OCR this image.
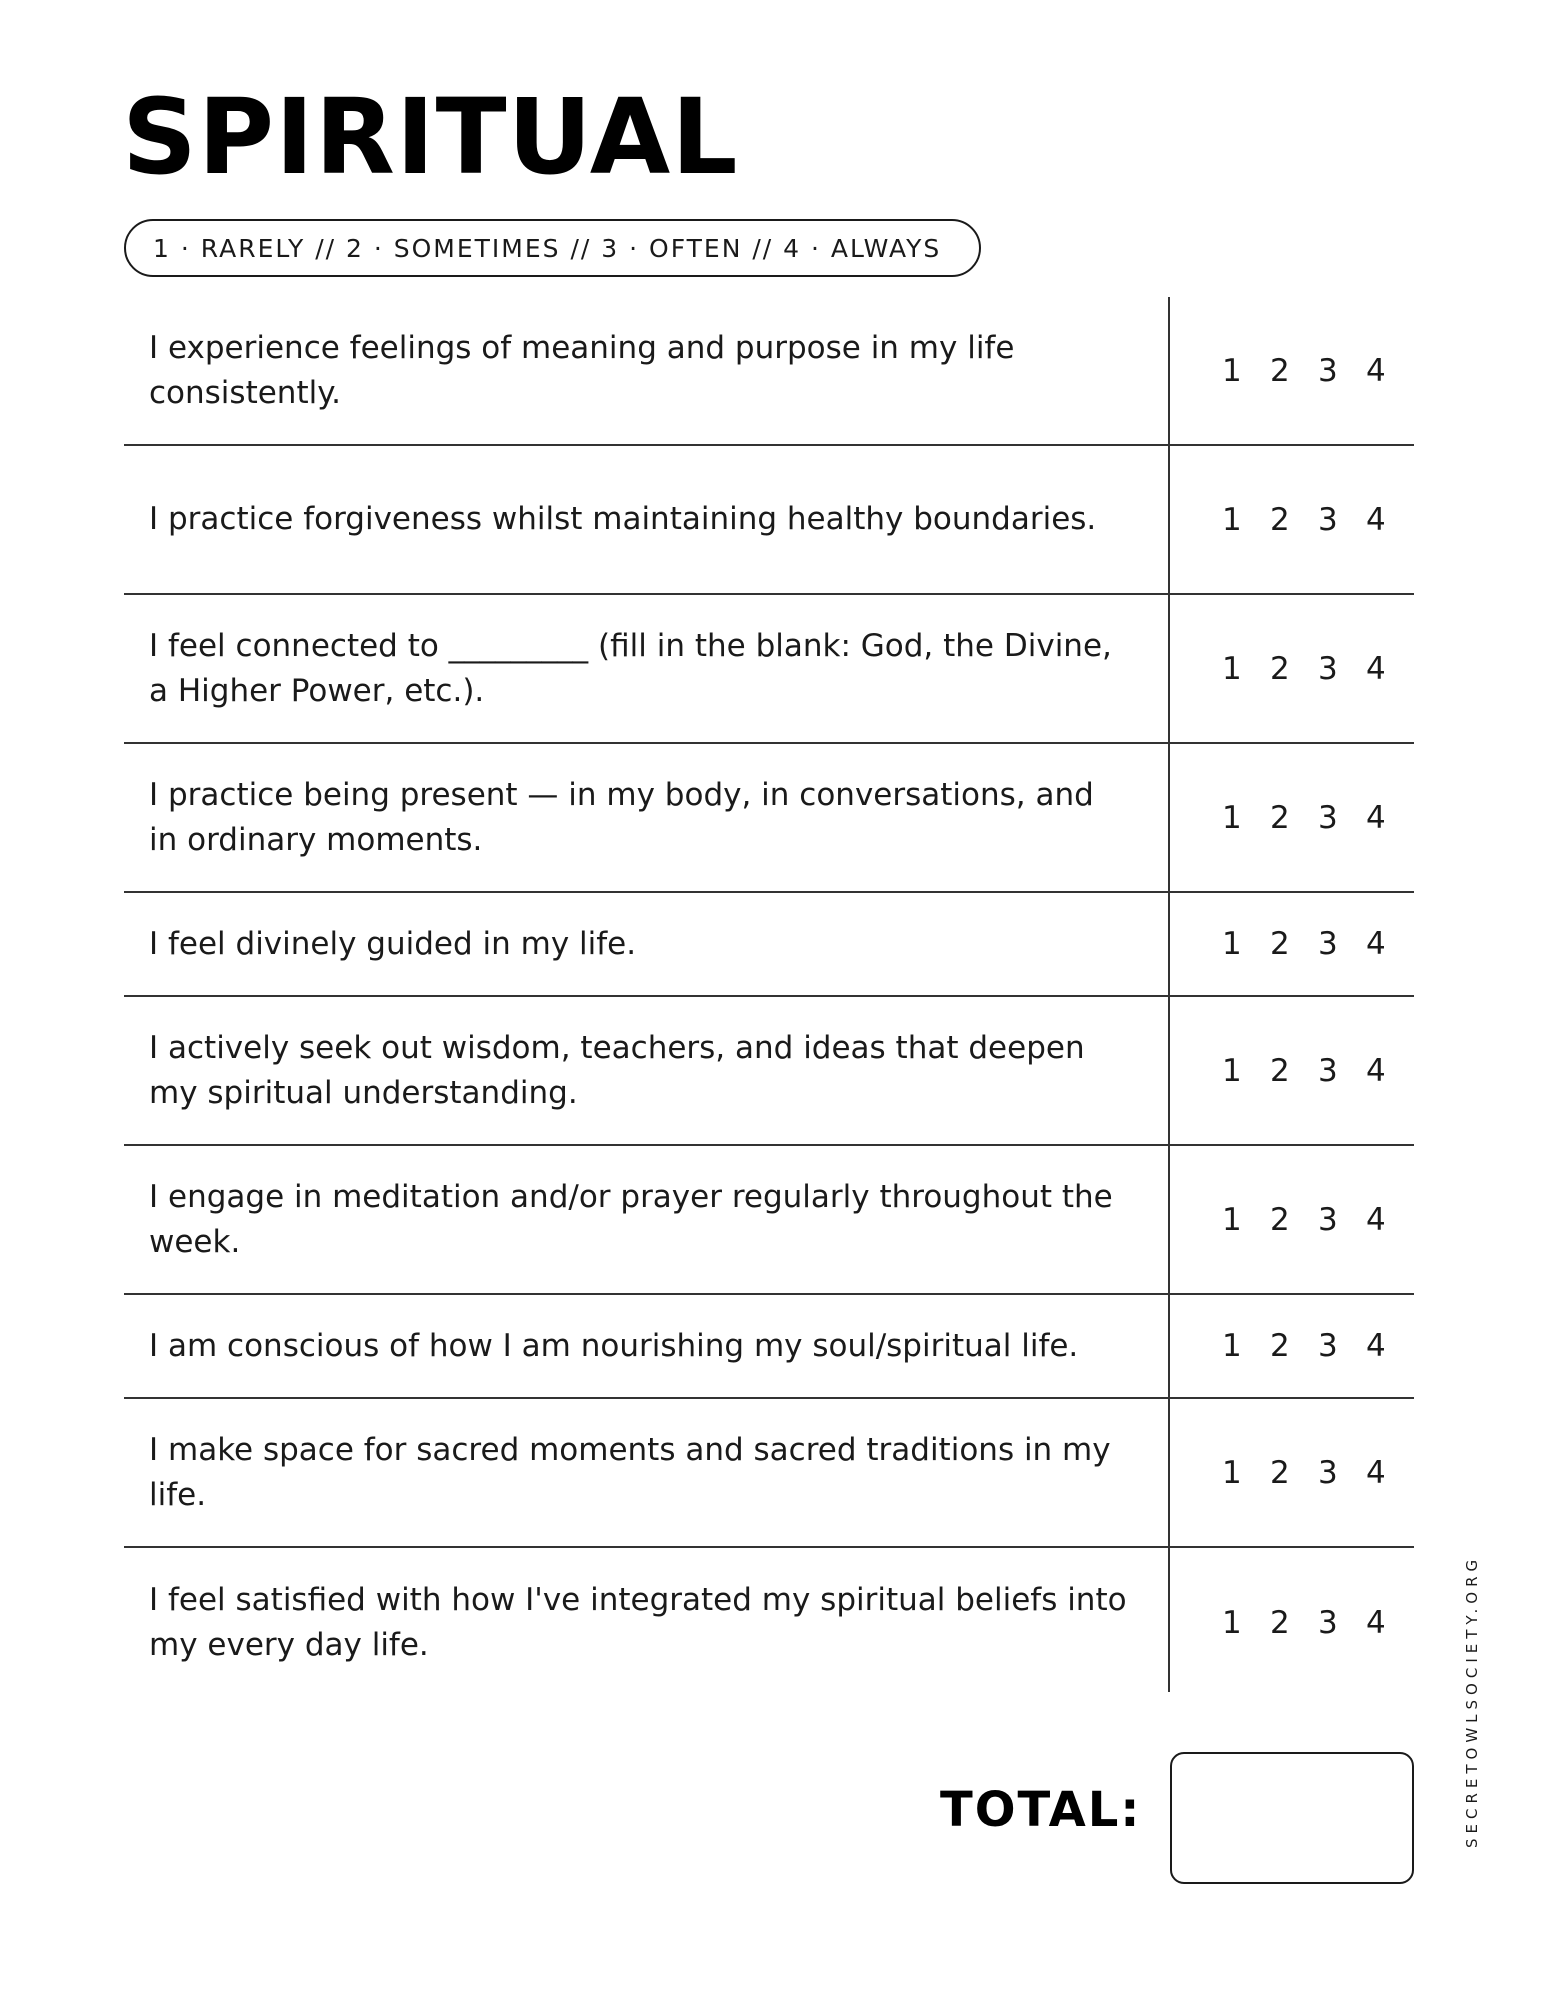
SPIRITUAL
1 · RARELY // 2 · SOMETIMES // 3 · OFTEN // 4 · ALWAYS
I experience feelings of meaning and purpose in my life consistently.
1 2 3 4
I practice forgiveness whilst maintaining healthy boundaries.	1 2 3 4
I feel connected to _________ (fill in the blank: God, the Divine, a Higher Power, etc.).
1 2 3 4
I practice being present — in my body, in conversations, and in ordinary moments.
1 2 3 4
I feel divinely guided in my life.	1 2 3 4
I actively seek out wisdom, teachers, and ideas that deepen my spiritual understanding.
1 2 3 4
I engage in meditation and/or prayer regularly throughout the week.
1 2 3 4
I am conscious of how I am nourishing my soul/spiritual life.	1 2 3 4
I make space for sacred moments and sacred traditions in my life.
1 2 3 4
I feel satisfied with how I've integrated my spiritual beliefs into my every day life.
1 2 3 4
TOTAL:	SECRETOWLSOCIETY.ORG
